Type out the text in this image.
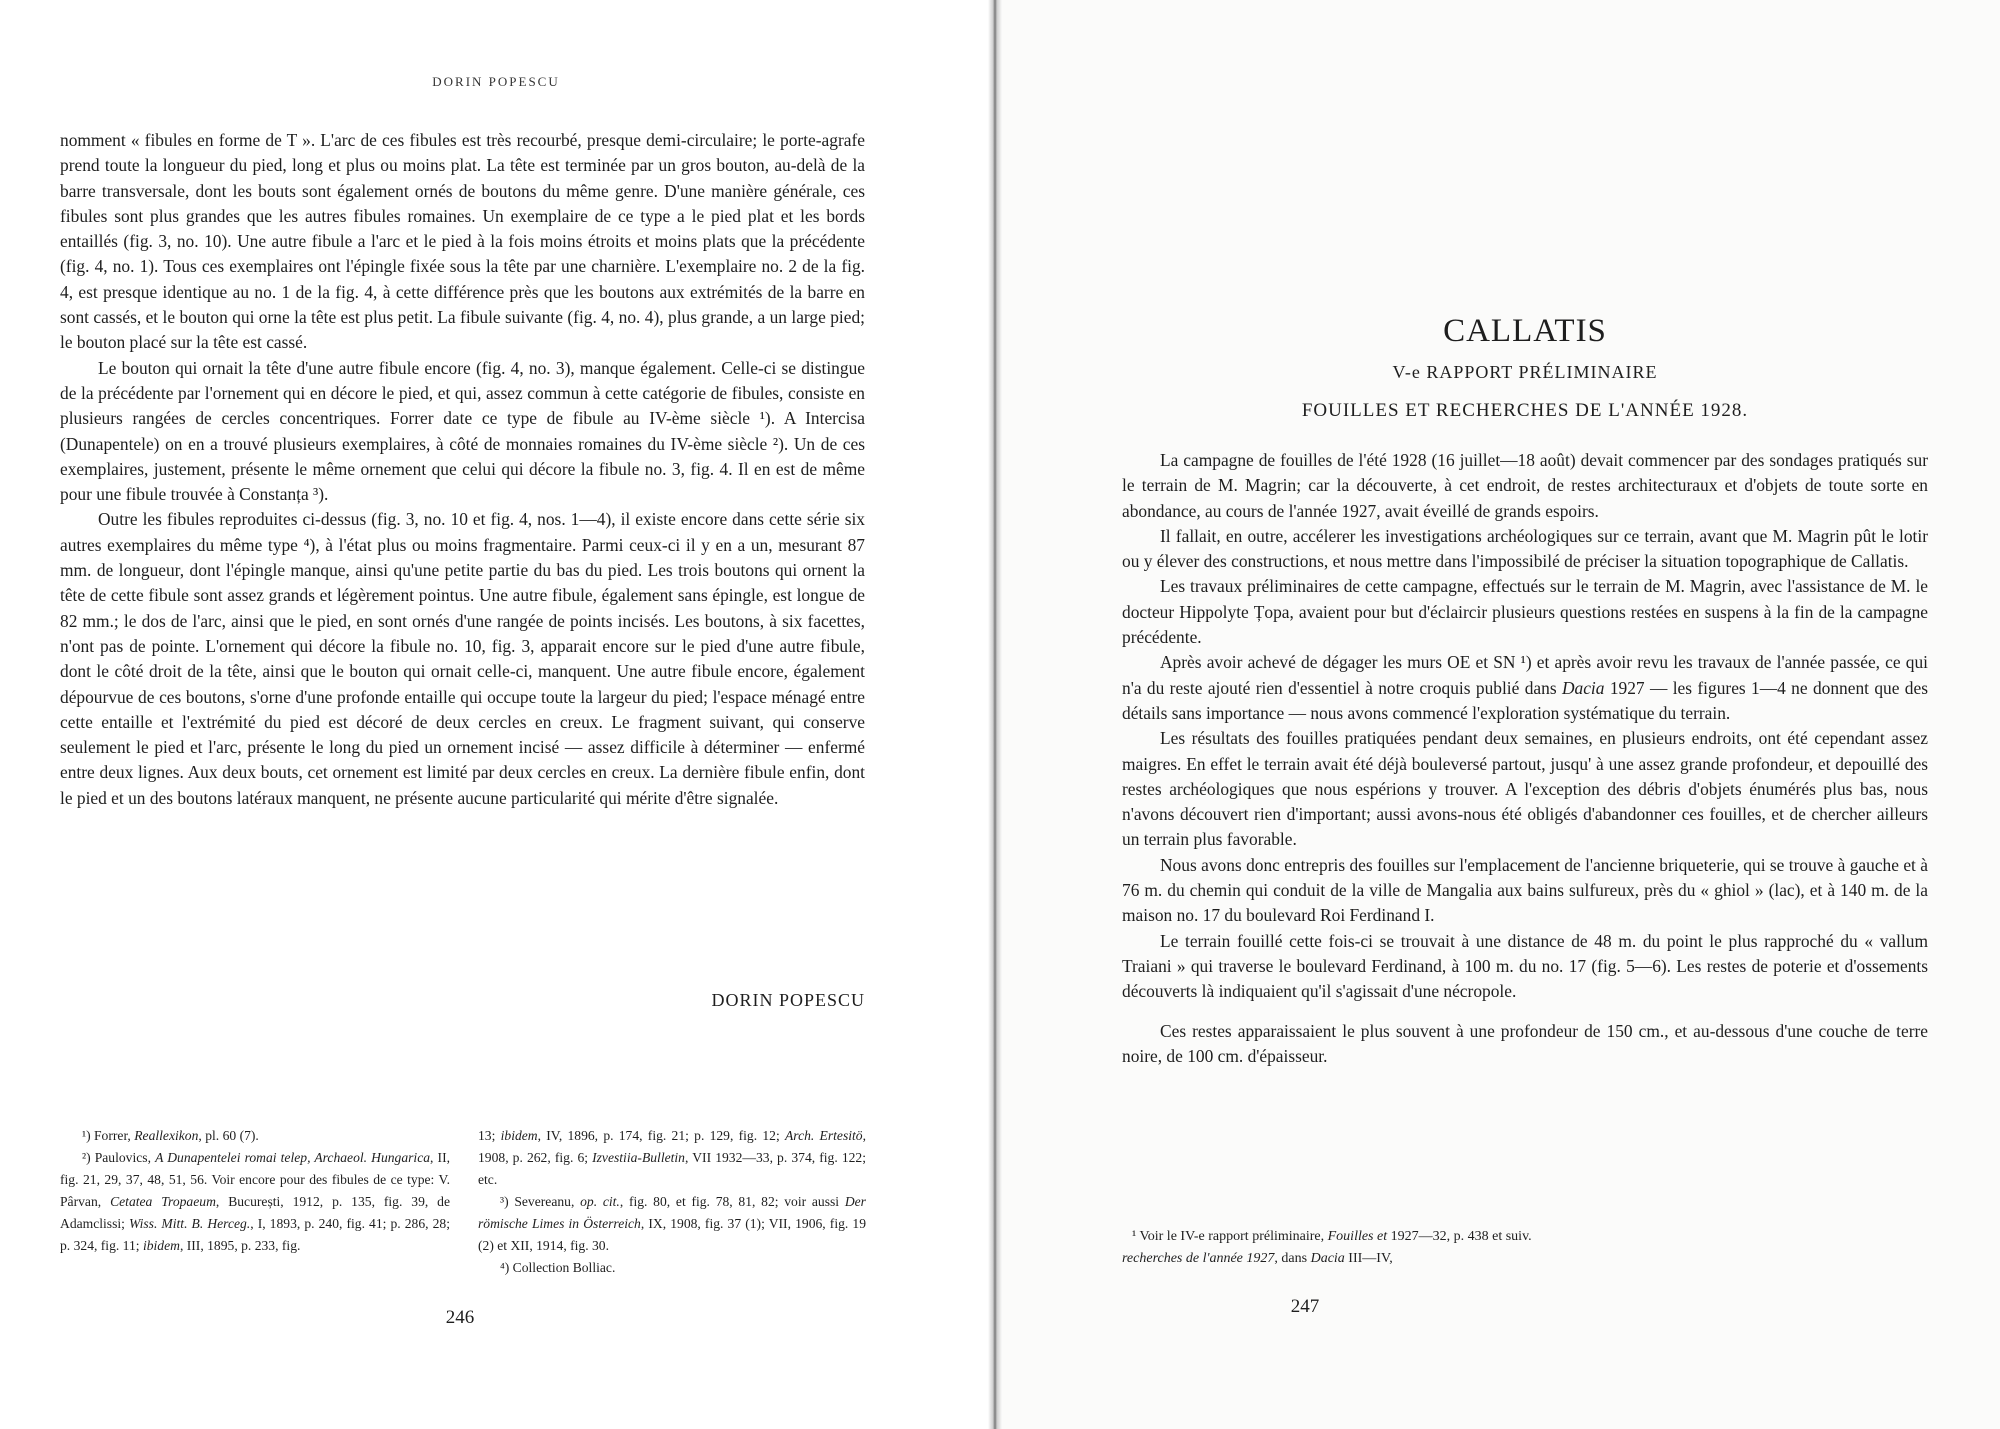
DORIN POPESCU

nomment « fibules en forme de T ». L'arc de ces fibules est très recourbé, presque demi-circulaire; le porte-agrafe prend toute la longueur du pied, long et plus ou moins plat. La tête est terminée par un gros bouton, au-delà de la barre transversale, dont les bouts sont également ornés de boutons du même genre. D'une manière générale, ces fibules sont plus grandes que les autres fibules romaines. Un exemplaire de ce type a le pied plat et les bords entaillés (fig. 3, no. 10). Une autre fibule a l'arc et le pied à la fois moins étroits et moins plats que la précédente (fig. 4, no. 1). Tous ces exemplaires ont l'épingle fixée sous la tête par une charnière. L'exemplaire no. 2 de la fig. 4, est presque identique au no. 1 de la fig. 4, à cette différence près que les boutons aux extrémités de la barre en sont cassés, et le bouton qui orne la tête est plus petit. La fibule suivante (fig. 4, no. 4), plus grande, a un large pied; le bouton placé sur la tête est cassé.

Le bouton qui ornait la tête d'une autre fibule encore (fig. 4, no. 3), manque également. Celle-ci se distingue de la précédente par l'ornement qui en décore le pied, et qui, assez commun à cette catégorie de fibules, consiste en plusieurs rangées de cercles concentriques. Forrer date ce type de fibule au IV-ème siècle ¹). A Intercisa (Dunapentele) on en a trouvé plusieurs exemplaires, à côté de monnaies romaines du IV-ème siècle ²). Un de ces exemplaires, justement, présente le même ornement que celui qui décore la fibule no. 3, fig. 4. Il en est de même pour une fibule trouvée à Constanța ³).

Outre les fibules reproduites ci-dessus (fig. 3, no. 10 et fig. 4, nos. 1—4), il existe encore dans cette série six autres exemplaires du même type ⁴), à l'état plus ou moins fragmentaire. Parmi ceux-ci il y en a un, mesurant 87 mm. de longueur, dont l'épingle manque, ainsi qu'une petite partie du bas du pied. Les trois boutons qui ornent la tête de cette fibule sont assez grands et légèrement pointus. Une autre fibule, également sans épingle, est longue de 82 mm.; le dos de l'arc, ainsi que le pied, en sont ornés d'une rangée de points incisés. Les boutons, à six facettes, n'ont pas de pointe. L'ornement qui décore la fibule no. 10, fig. 3, apparait encore sur le pied d'une autre fibule, dont le côté droit de la tête, ainsi que le bouton qui ornait celle-ci, manquent. Une autre fibule encore, également dépourvue de ces boutons, s'orne d'une profonde entaille qui occupe toute la largeur du pied; l'espace ménagé entre cette entaille et l'extrémité du pied est décoré de deux cercles en creux. Le fragment suivant, qui conserve seulement le pied et l'arc, présente le long du pied un ornement incisé — assez difficile à déterminer — enfermé entre deux lignes. Aux deux bouts, cet ornement est limité par deux cercles en creux. La dernière fibule enfin, dont le pied et un des boutons latéraux manquent, ne présente aucune particularité qui mérite d'être signalée.

DORIN POPESCU

¹) Forrer, Reallexikon, pl. 60 (7).

²) Paulovics, A Dunapentelei romai telep, Archaeol. Hungarica, II, fig. 21, 29, 37, 48, 51, 56. Voir encore pour des fibules de ce type: V. Pârvan, Cetatea Tropaeum, București, 1912, p. 135, fig. 39, de Adamclissi; Wiss. Mitt. B. Herceg., I, 1893, p. 240, fig. 41; p. 286, 28; p. 324, fig. 11; ibidem, III, 1895, p. 233, fig.

13; ibidem, IV, 1896, p. 174, fig. 21; p. 129, fig. 12; Arch. Ertesitö, 1908, p. 262, fig. 6; Izvestiia-Bulletin, VII 1932—33, p. 374, fig. 122; etc.

³) Severeanu, op. cit., fig. 80, et fig. 78, 81, 82; voir aussi Der römische Limes in Österreich, IX, 1908, fig. 37 (1); VII, 1906, fig. 19 (2) et XII, 1914, fig. 30.

⁴) Collection Bolliac.

246
CALLATIS
V-e RAPPORT PRÉLIMINAIRE
FOUILLES ET RECHERCHES DE L'ANNÉE 1928.

La campagne de fouilles de l'été 1928 (16 juillet—18 août) devait commencer par des sondages pratiqués sur le terrain de M. Magrin; car la découverte, à cet endroit, de restes architecturaux et d'objets de toute sorte en abondance, au cours de l'année 1927, avait éveillé de grands espoirs.

Il fallait, en outre, accélerer les investigations archéologiques sur ce terrain, avant que M. Magrin pût le lotir ou y élever des constructions, et nous mettre dans l'impossibilé de préciser la situation topographique de Callatis.

Les travaux préliminaires de cette campagne, effectués sur le terrain de M. Magrin, avec l'assistance de M. le docteur Hippolyte Țopa, avaient pour but d'éclaircir plusieurs questions restées en suspens à la fin de la campagne précédente.

Après avoir achevé de dégager les murs OE et SN ¹) et après avoir revu les travaux de l'année passée, ce qui n'a du reste ajouté rien d'essentiel à notre croquis publié dans Dacia 1927 — les figures 1—4 ne donnent que des détails sans importance — nous avons commencé l'exploration systématique du terrain.

Les résultats des fouilles pratiquées pendant deux semaines, en plusieurs endroits, ont été cependant assez maigres. En effet le terrain avait été déjà bouleversé partout, jusqu' à une assez grande profondeur, et depouillé des restes archéologiques que nous espérions y trouver. A l'exception des débris d'objets énumérés plus bas, nous n'avons découvert rien d'important; aussi avons-nous été obligés d'abandonner ces fouilles, et de chercher ailleurs un terrain plus favorable.

Nous avons donc entrepris des fouilles sur l'emplacement de l'ancienne briqueterie, qui se trouve à gauche et à 76 m. du chemin qui conduit de la ville de Mangalia aux bains sulfureux, près du « ghiol » (lac), et à 140 m. de la maison no. 17 du boulevard Roi Ferdinand I.

Le terrain fouillé cette fois-ci se trouvait à une distance de 48 m. du point le plus rapproché du « vallum Traiani » qui traverse le boulevard Ferdinand, à 100 m. du no. 17 (fig. 5—6). Les restes de poterie et d'ossements découverts là indiquaient qu'il s'agissait d'une nécropole.

Ces restes apparaissaient le plus souvent à une profondeur de 150 cm., et au-dessous d'une couche de terre noire, de 100 cm. d'épaisseur.

¹ Voir le IV-e rapport préliminaire, Fouilles et 1927—32, p. 438 et suiv.
recherches de l'année 1927, dans Dacia III—IV,
247
